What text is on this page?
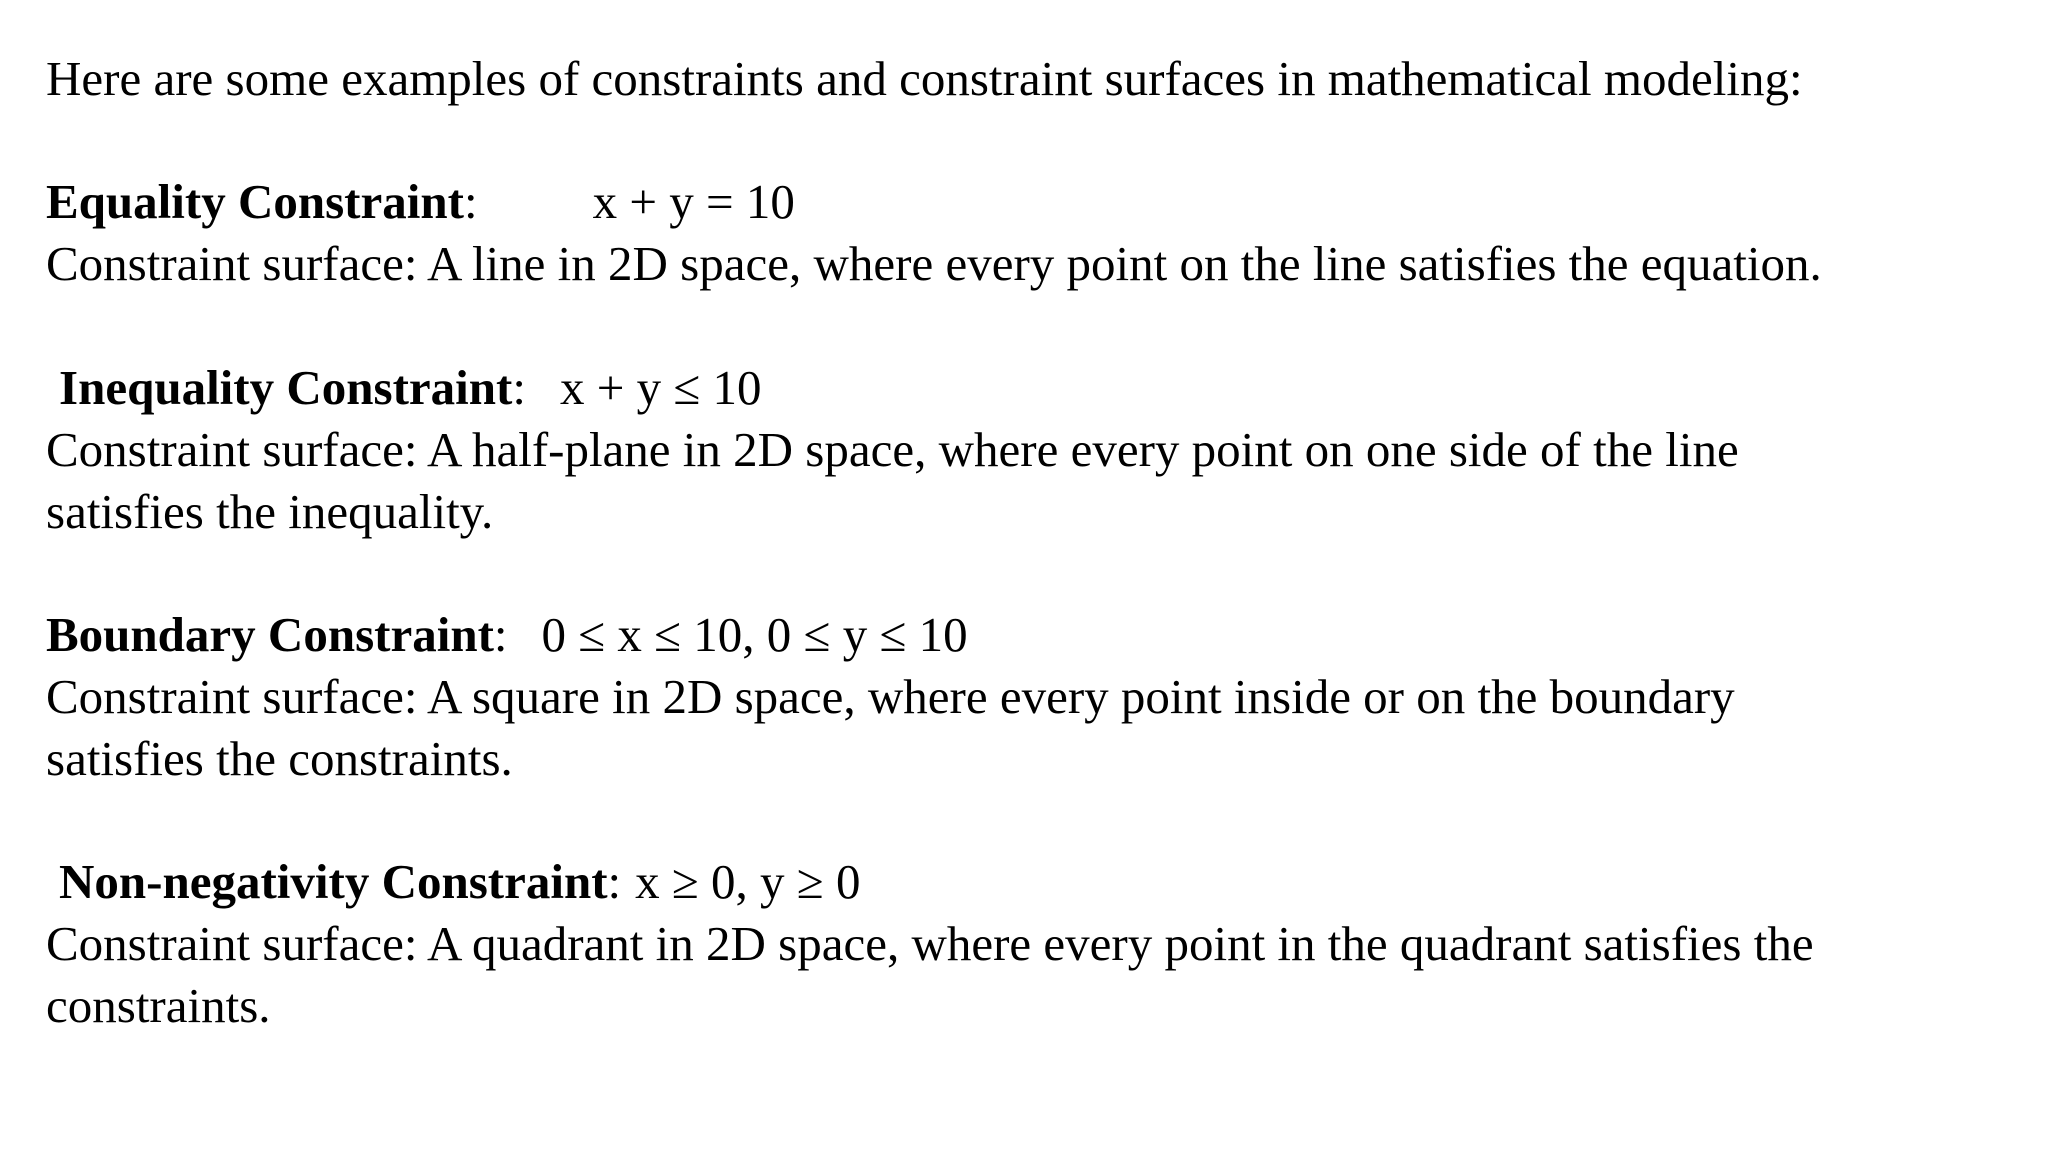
Here are some examples of constraints and constraint surfaces in mathematical modeling:

Equality Constraint: x + y = 10

Constraint surface: A line in 2D space, where every point on the line satisfies the equation.

Inequality Constraint: x + y ≤ 10

Constraint surface: A half-plane in 2D space, where every point on one side of the line

satisfies the inequality.

Boundary Constraint: 0 ≤ x ≤ 10, 0 ≤ y ≤ 10

Constraint surface: A square in 2D space, where every point inside or on the boundary

satisfies the constraints.

Non-negativity Constraint: x ≥ 0, y ≥ 0

Constraint surface: A quadrant in 2D space, where every point in the quadrant satisfies the

constraints.
